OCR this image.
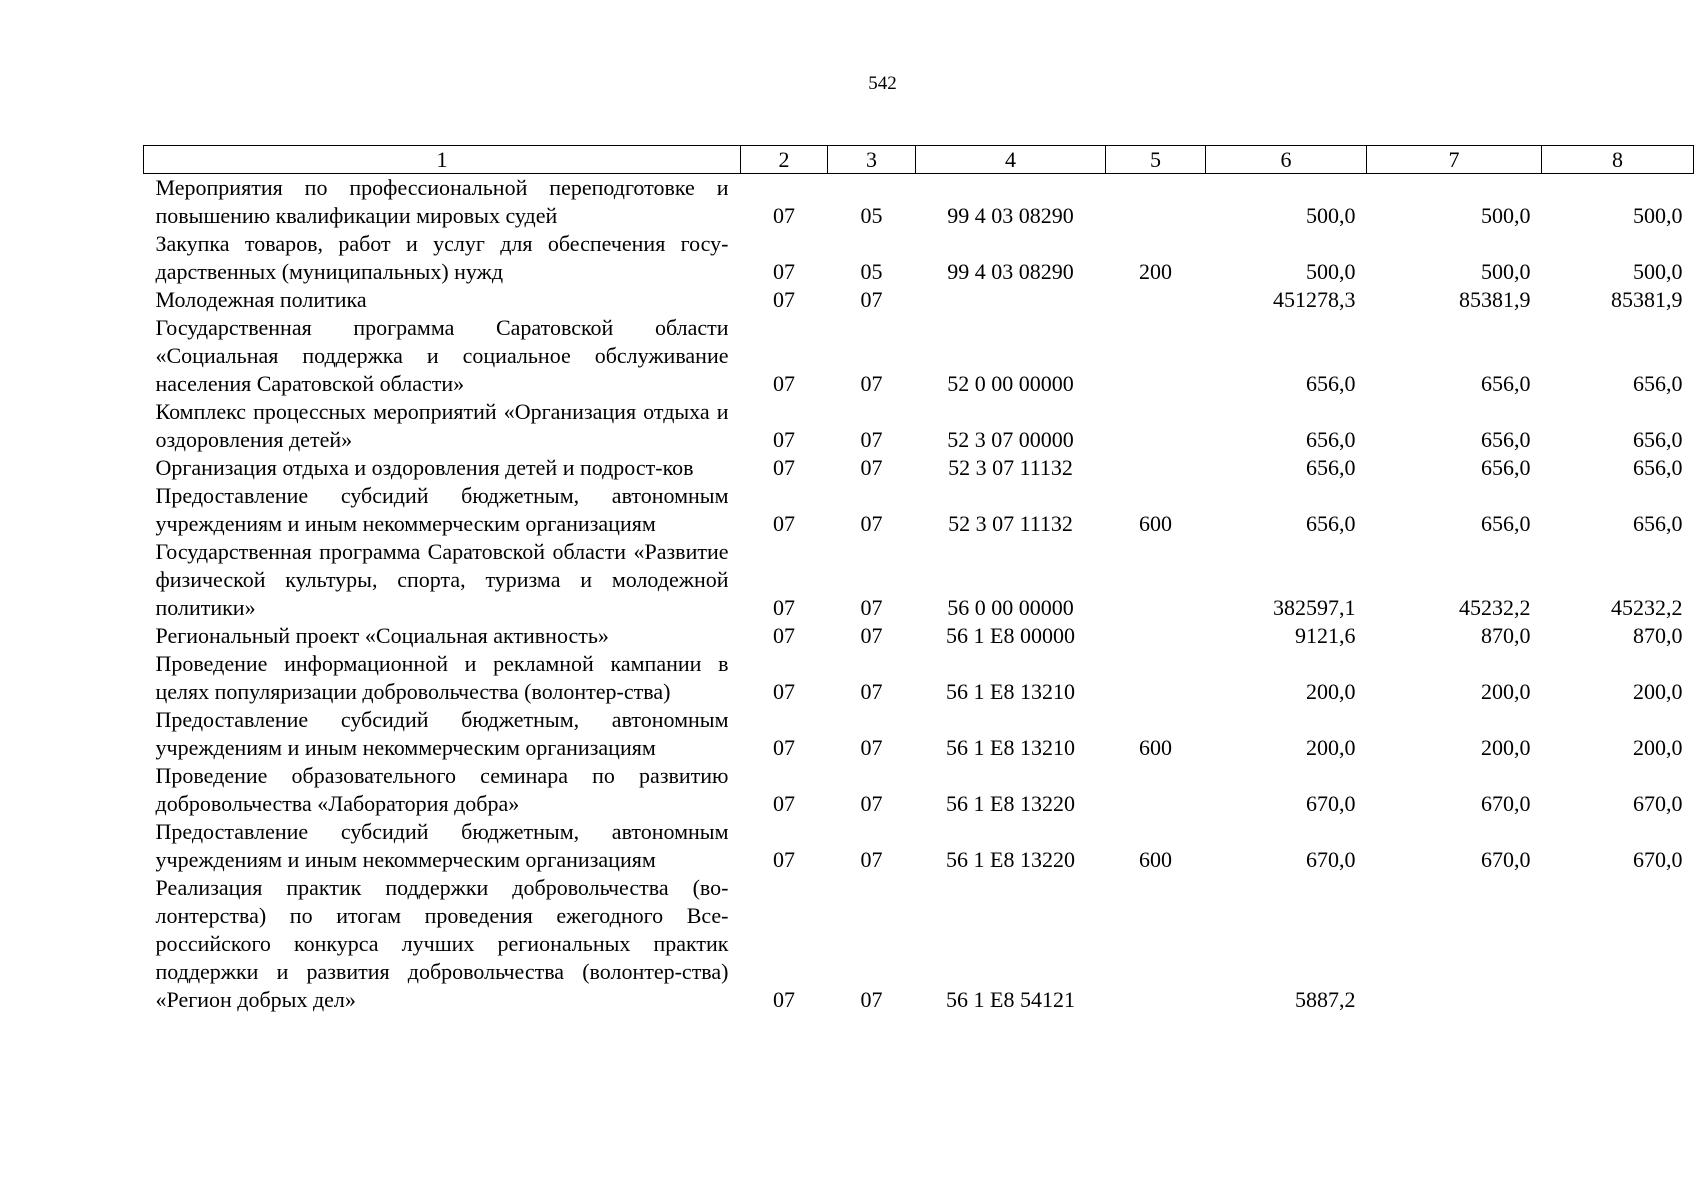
542
1	2	3	4	5	6	7	8
Мероприятия по профессиональной переподготовке и повышению квалификации мировых судей	07	05	99 4 03 08290		500,0	500,0	500,0
Закупка товаров, работ и услуг для обеспечения госу-дарственных (муниципальных) нужд	07	05	99 4 03 08290	200	500,0	500,0	500,0
Молодежная политика	07	07			451278,3	85381,9	85381,9
Государственная программа Саратовской области «Социальная поддержка и социальное обслуживание населения Саратовской области»	07	07	52 0 00 00000		656,0	656,0	656,0
Комплекс процессных мероприятий «Организация отдыха и оздоровления детей»	07	07	52 3 07 00000		656,0	656,0	656,0
Организация отдыха и оздоровления детей и подрост-ков	07	07	52 3 07 11132		656,0	656,0	656,0
Предоставление субсидий бюджетным, автономным учреждениям и иным некоммерческим организациям	07	07	52 3 07 11132	600	656,0	656,0	656,0
Государственная программа Саратовской области «Развитие физической культуры, спорта, туризма и молодежной политики»	07	07	56 0 00 00000		382597,1	45232,2	45232,2
Региональный проект «Социальная активность»	07	07	56 1 E8 00000		9121,6	870,0	870,0
Проведение информационной и рекламной кампании в целях популяризации добровольчества (волонтер-ства)	07	07	56 1 E8 13210		200,0	200,0	200,0
Предоставление субсидий бюджетным, автономным учреждениям и иным некоммерческим организациям	07	07	56 1 E8 13210	600	200,0	200,0	200,0
Проведение образовательного семинара по развитию добровольчества «Лаборатория добра»	07	07	56 1 E8 13220		670,0	670,0	670,0
Предоставление субсидий бюджетным, автономным учреждениям и иным некоммерческим организациям	07	07	56 1 E8 13220	600	670,0	670,0	670,0
Реализация практик поддержки добровольчества (во-лонтерства) по итогам проведения ежегодного Все-российского конкурса лучших региональных практик поддержки и развития добровольчества (волонтер-ства) «Регион добрых дел»	07	07	56 1 E8 54121		5887,2		
